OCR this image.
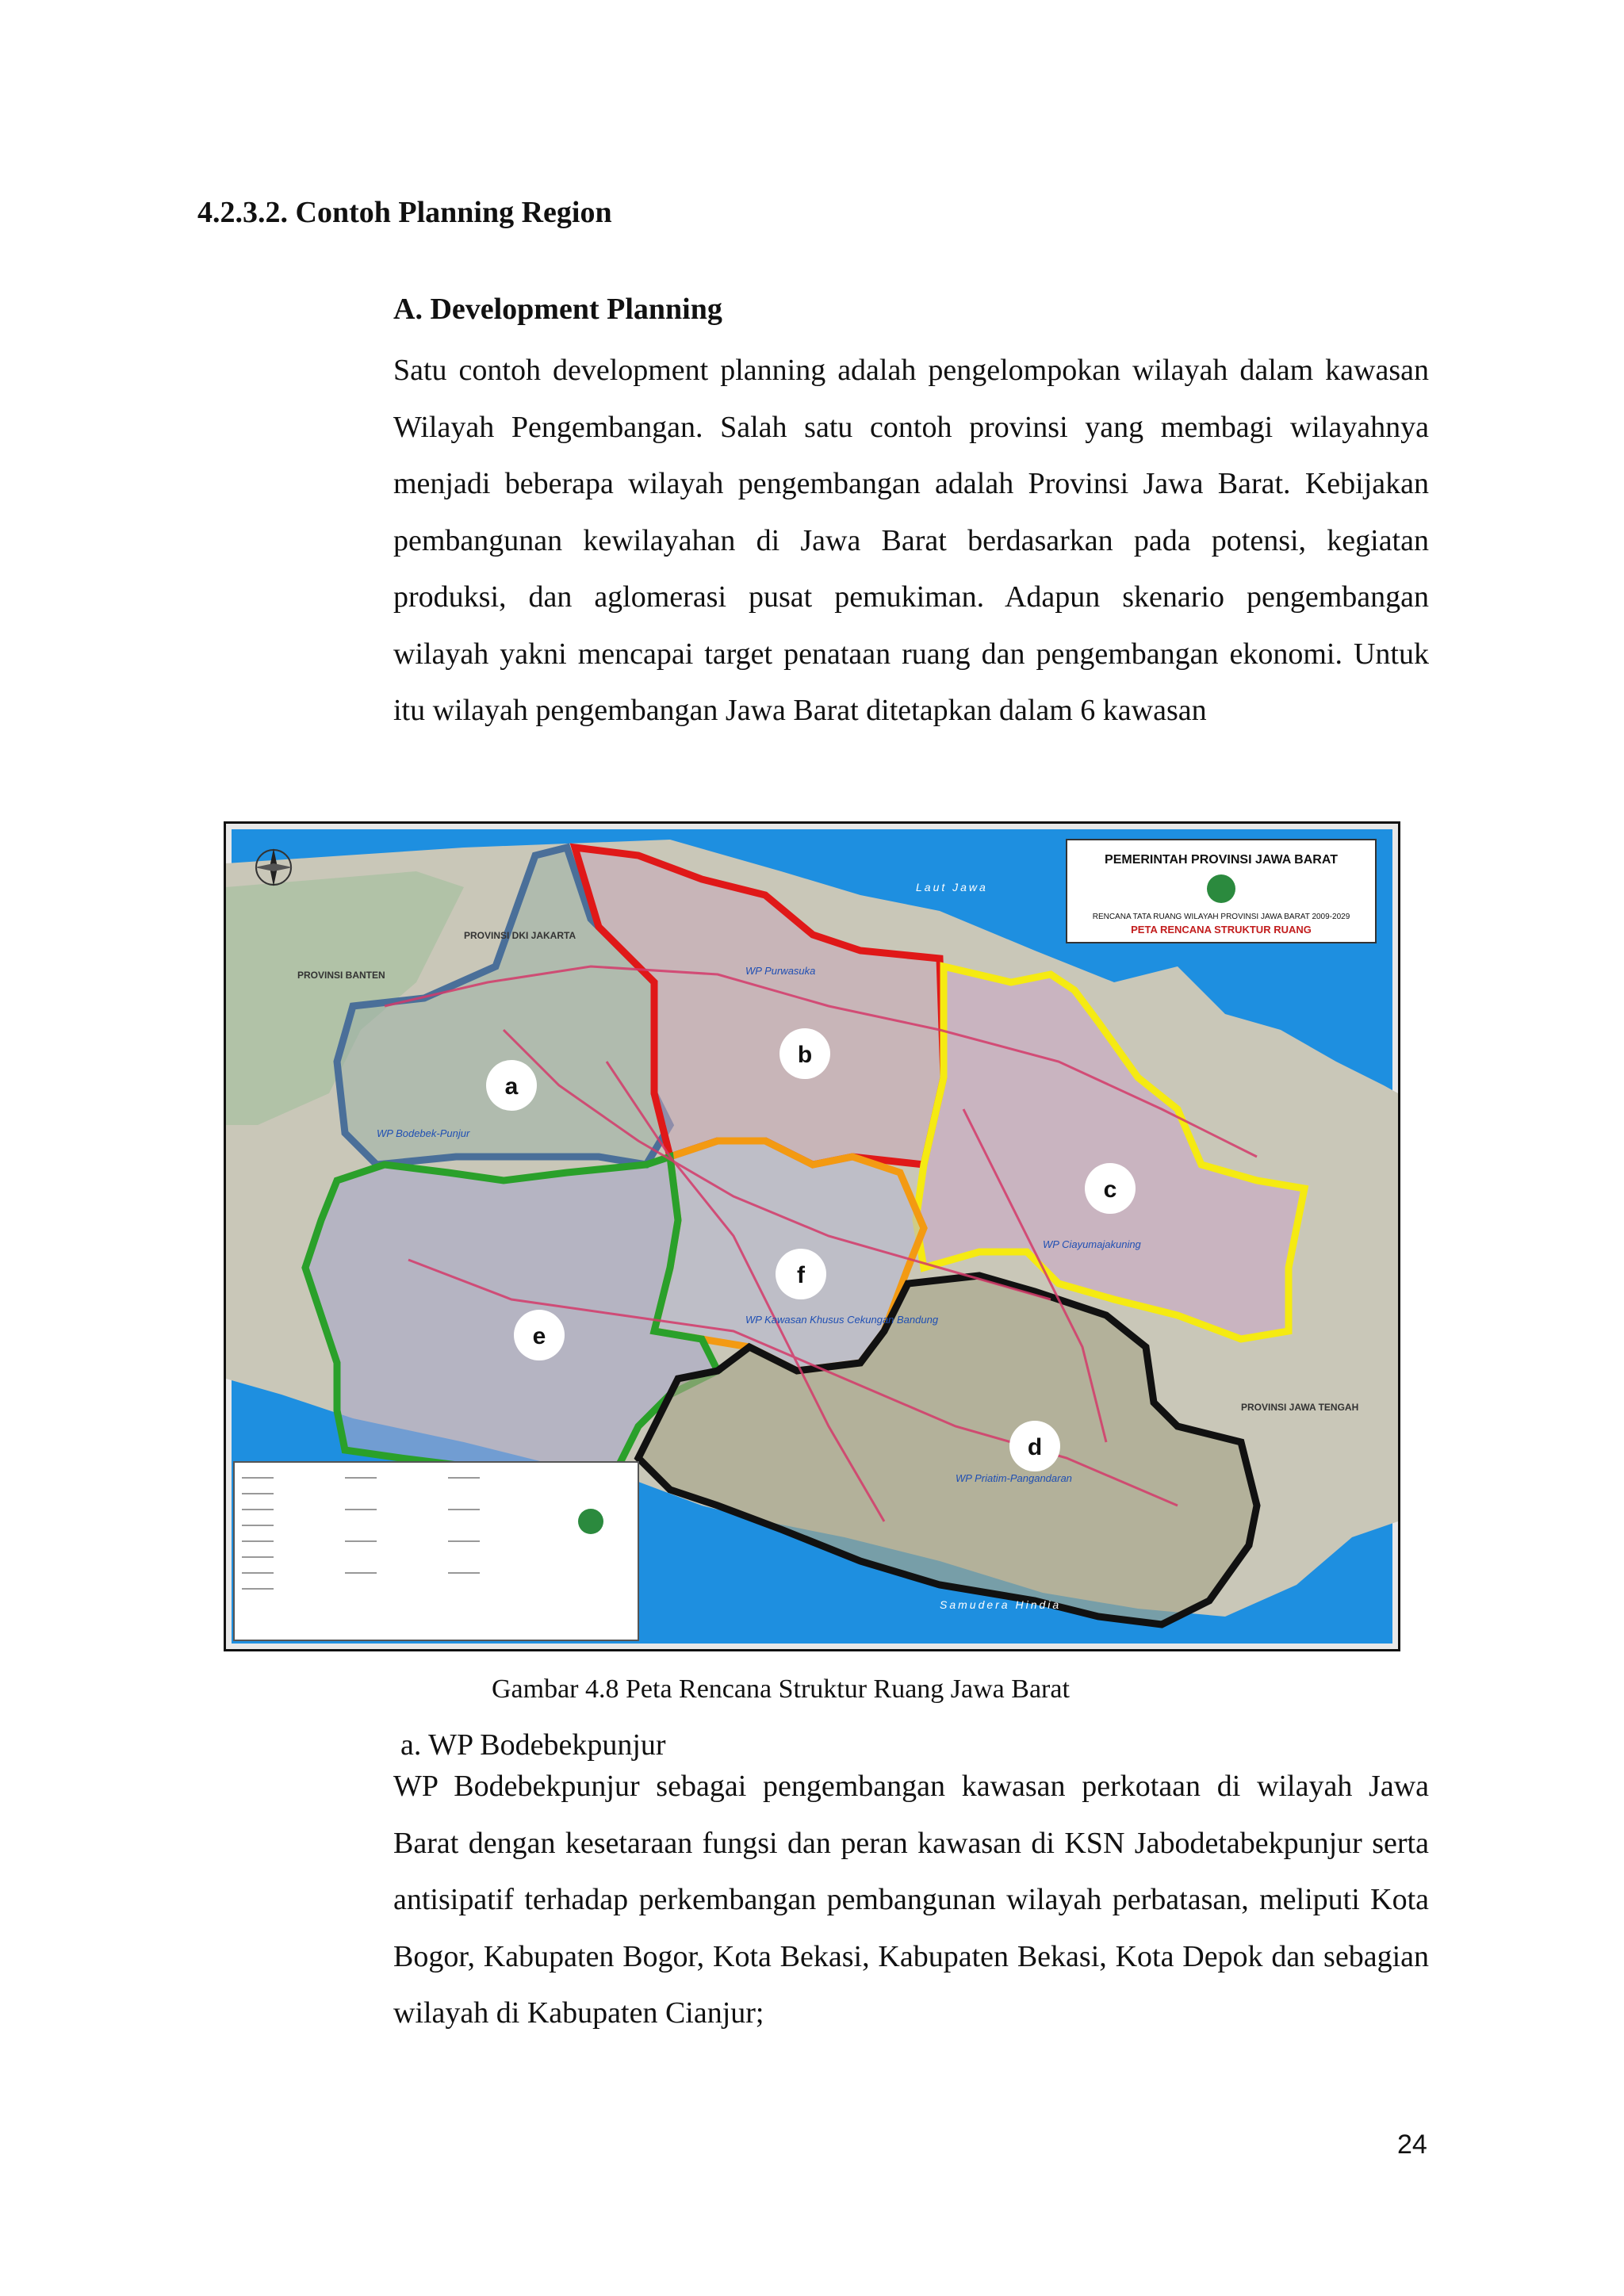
4.2.3.2. Contoh Planning Region
A. Development Planning
Satu contoh development planning adalah pengelompokan wilayah dalam kawasan Wilayah Pengembangan. Salah satu contoh provinsi yang membagi wilayahnya menjadi beberapa wilayah pengembangan adalah Provinsi Jawa Barat. Kebijakan pembangunan kewilayahan di Jawa Barat berdasarkan pada potensi, kegiatan produksi, dan aglomerasi pusat pemukiman. Adapun skenario pengembangan wilayah yakni mencapai target penataan ruang dan pengembangan ekonomi. Untuk itu wilayah pengembangan Jawa Barat ditetapkan dalam 6 kawasan
PEMERINTAH PROVINSI JAWA BARAT
RENCANA TATA RUANG WILAYAH PROVINSI JAWA BARAT 2009-2029
PETA RENCANA STRUKTUR RUANG
Laut Jawa
Samudera Hindia
PROVINSI DKI JAKARTA
PROVINSI BANTEN
PROVINSI JAWA TENGAH
WP Bodebek-Punjur
WP Purwasuka
WP Ciayumajakuning
WP Priatim-Pangandaran
WP Kawasan Khusus Cekungan Bandung
a
b
c
d
e
f
Gambar 4.8 Peta Rencana Struktur Ruang Jawa Barat
a. WP Bodebekpunjur
WP Bodebekpunjur sebagai pengembangan kawasan perkotaan di wilayah Jawa Barat dengan kesetaraan fungsi dan peran kawasan di KSN Jabodetabekpunjur serta antisipatif terhadap perkembangan pembangunan wilayah perbatasan, meliputi Kota Bogor, Kabupaten Bogor, Kota Bekasi, Kabupaten Bekasi, Kota Depok dan sebagian wilayah di Kabupaten Cianjur;
24
